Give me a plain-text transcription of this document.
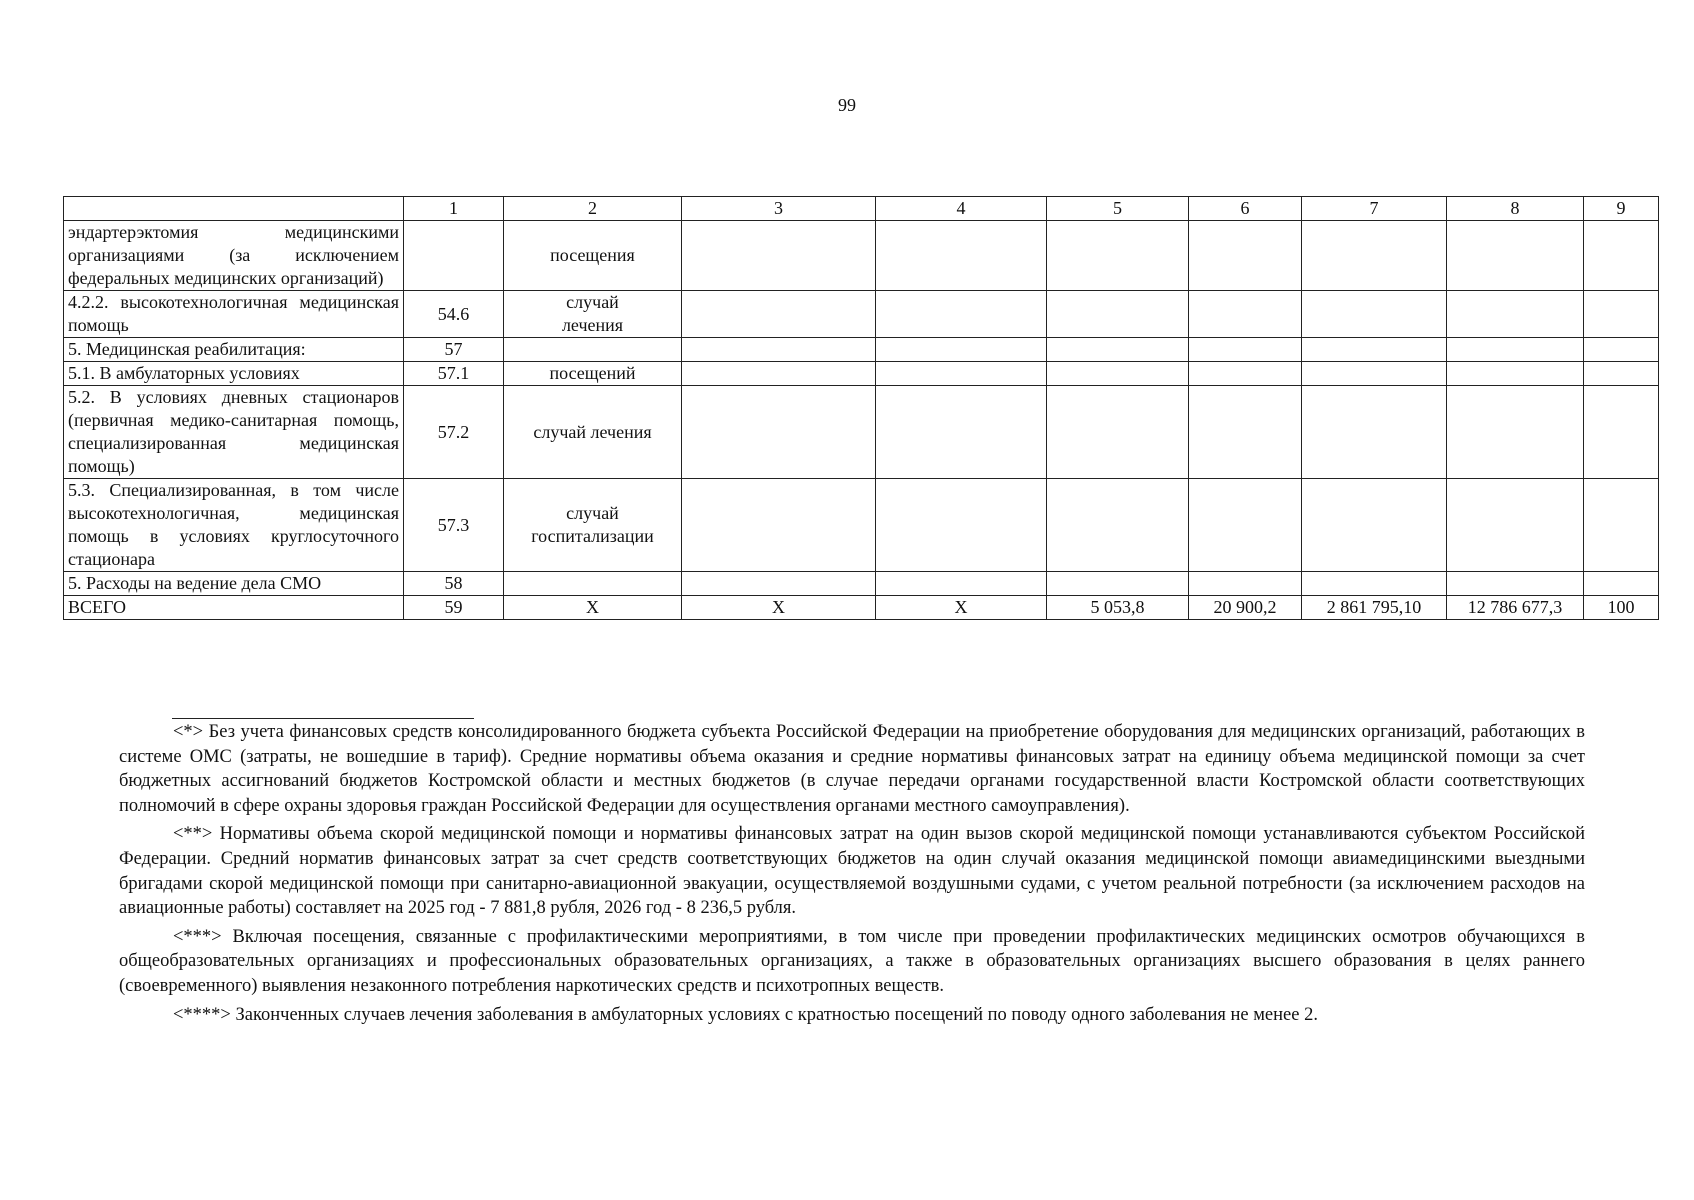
99
	1	2	3	4	5	6	7	8	9
эндартерэктомия медицинскими организациями (за исключением федеральных медицинских организаций)		посещения							
4.2.2. высокотехнологичная медицинская помощь	54.6	случай лечения							
5. Медицинская реабилитация:	57								
5.1. В амбулаторных условиях	57.1	посещений							
5.2. В условиях дневных стационаров (первичная медико-санитарная помощь, специализированная медицинская помощь)	57.2	случай лечения							
5.3. Специализированная, в том числе высокотехнологичная, медицинская помощь в условиях круглосуточного стационара	57.3	случай госпитализации							
5. Расходы на ведение дела СМО	58								
ВСЕГО	59	X	X	X	5 053,8	20 900,2	2 861 795,10	12 786 677,3	100

<*> Без учета финансовых средств консолидированного бюджета субъекта Российской Федерации на приобретение оборудования для медицинских организаций, работающих в системе ОМС (затраты, не вошедшие в тариф). Средние нормативы объема оказания и средние нормативы финансовых затрат на единицу объема медицинской помощи за счет бюджетных ассигнований бюджетов Костромской области и местных бюджетов (в случае передачи органами государственной власти Костромской области соответствующих полномочий в сфере охраны здоровья граждан Российской Федерации для осуществления органами местного самоуправления).

<**> Нормативы объема скорой медицинской помощи и нормативы финансовых затрат на один вызов скорой медицинской помощи устанавливаются субъектом Российской Федерации. Средний норматив финансовых затрат за счет средств соответствующих бюджетов на один случай оказания медицинской помощи авиамедицинскими выездными бригадами скорой медицинской помощи при санитарно-авиационной эвакуации, осуществляемой воздушными судами, с учетом реальной потребности (за исключением расходов на авиационные работы) составляет на 2025 год - 7 881,8 рубля, 2026 год - 8 236,5 рубля.

<***> Включая посещения, связанные с профилактическими мероприятиями, в том числе при проведении профилактических медицинских осмотров обучающихся в общеобразовательных организациях и профессиональных образовательных организациях, а также в образовательных организациях высшего образования в целях раннего (своевременного) выявления незаконного потребления наркотических средств и психотропных веществ.

<****> Законченных случаев лечения заболевания в амбулаторных условиях с кратностью посещений по поводу одного заболевания не менее 2.
